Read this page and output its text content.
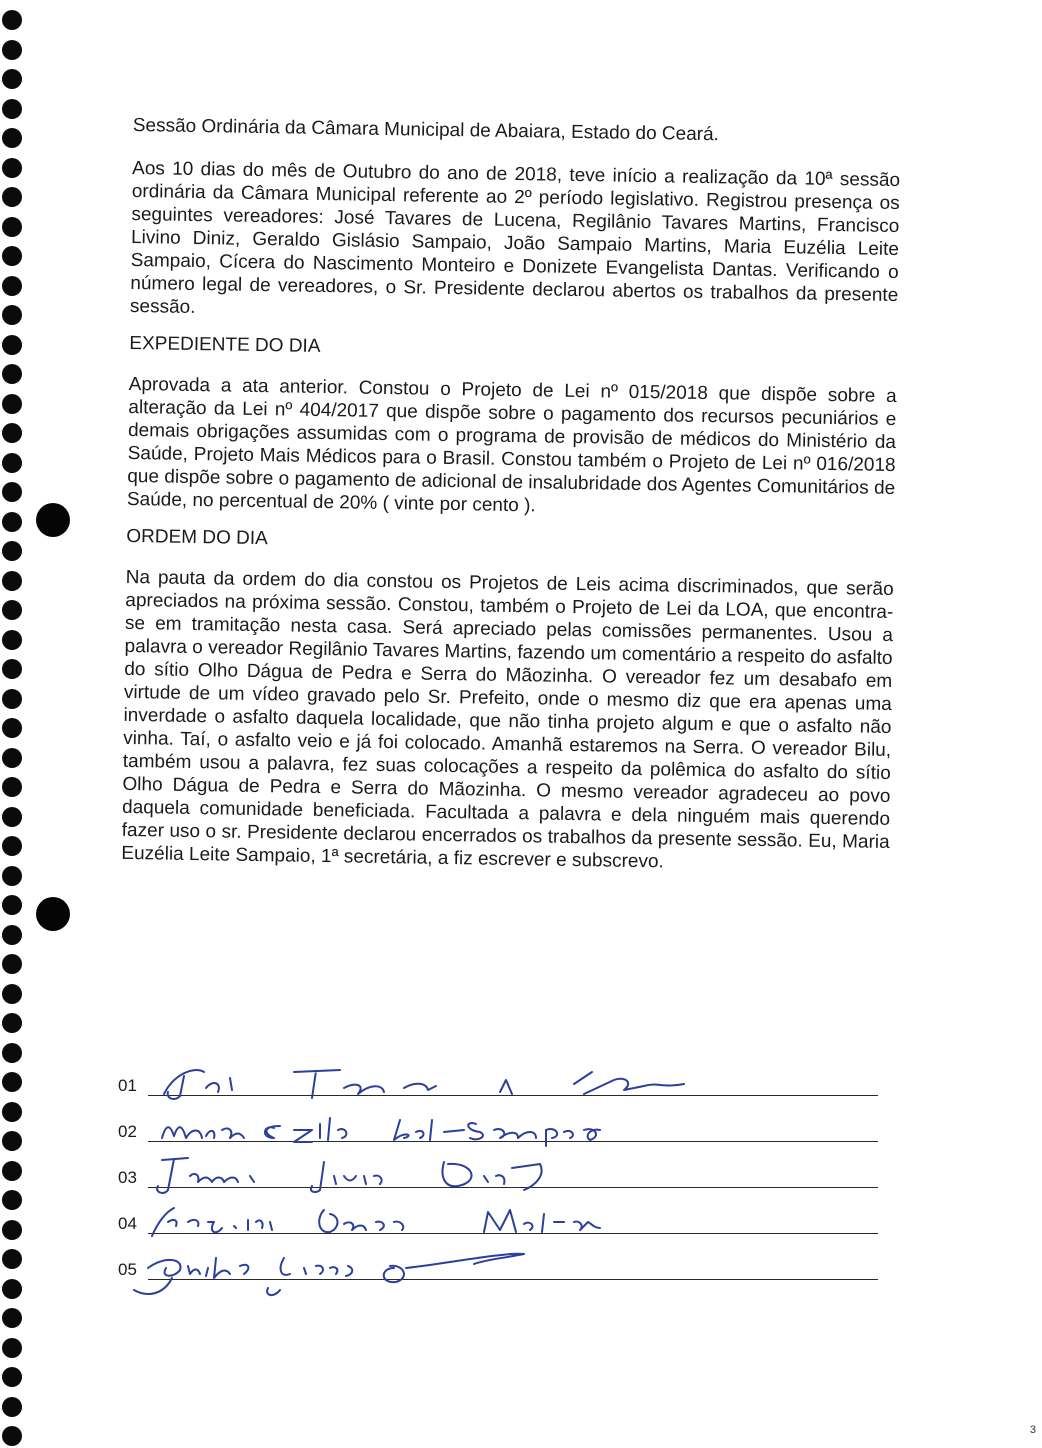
Sessão Ordinária da Câmara Municipal de Abaiara, Estado do Ceará.

Aos 10 dias do mês de Outubro do ano de 2018, teve início a realização da 10ª sessão ordinária da Câmara Municipal referente ao 2º período legislativo. Registrou presença os seguintes vereadores: José Tavares de Lucena, Regilânio Tavares Martins, Francisco Livino Diniz, Geraldo Gislásio Sampaio, João Sampaio Martins, Maria Euzélia Leite Sampaio, Cícera do Nascimento Monteiro e Donizete Evangelista Dantas. Verificando o número legal de vereadores, o Sr. Presidente declarou abertos os trabalhos da presente sessão.

EXPEDIENTE DO DIA

Aprovada a ata anterior. Constou o Projeto de Lei nº 015/2018 que dispõe sobre a alteração da Lei nº 404/2017 que dispõe sobre o pagamento dos recursos pecuniários e demais obrigações assumidas com o programa de provisão de médicos do Ministério da Saúde, Projeto Mais Médicos para o Brasil. Constou também o Projeto de Lei nº 016/2018 que dispõe sobre o pagamento de adicional de insalubridade dos Agentes Comunitários de Saúde, no percentual de 20% ( vinte por cento ).

ORDEM DO DIA

Na pauta da ordem do dia constou os Projetos de Leis acima discriminados, que serão apreciados na próxima sessão. Constou, também o Projeto de Lei da LOA, que encontra-se em tramitação nesta casa. Será apreciado pelas comissões permanentes. Usou a palavra o vereador Regilânio Tavares Martins, fazendo um comentário a respeito do asfalto do sítio Olho Dágua de Pedra e Serra do Mãozinha. O vereador fez um desabafo em virtude de um vídeo gravado pelo Sr. Prefeito, onde o mesmo diz que era apenas uma inverdade o asfalto daquela localidade, que não tinha projeto algum e que o asfalto não vinha. Taí, o asfalto veio e já foi colocado. Amanhã estaremos na Serra. O vereador Bilu, também usou a palavra, fez suas colocações a respeito da polêmica do asfalto do sítio Olho Dágua de Pedra e Serra do Mãozinha. O mesmo vereador agradeceu ao povo daquela comunidade beneficiada. Facultada a palavra e dela ninguém mais querendo fazer uso o sr. Presidente declarou encerrados os trabalhos da presente sessão. Eu, Maria Euzélia Leite Sampaio, 1ª secretária, a fiz escrever e subscrevo.

01
02
03
04
05
3
